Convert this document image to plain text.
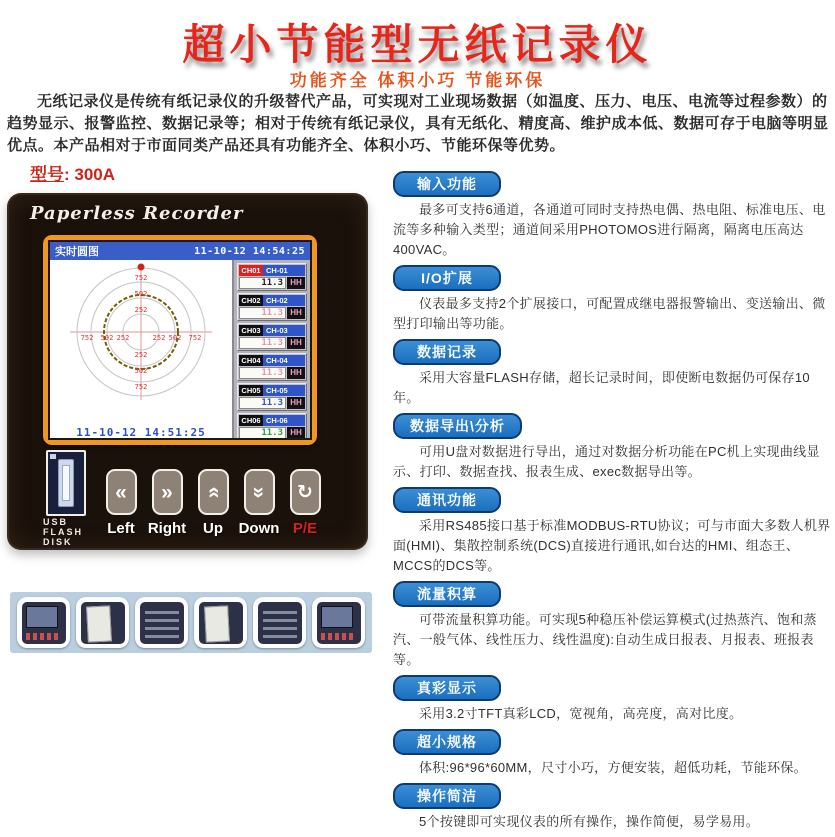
超小节能型无纸记录仪
功能齐全 体积小巧 节能环保

无纸记录仪是传统有纸记录仪的升级替代产品，可实现对工业现场数据（如温度、压力、电压、电流等过程参数）的趋势显示、报警监控、数据记录等；相对于传统有纸记录仪，具有无纸化、精度高、维护成本低、数据可存于电脑等明显优点。本产品相对于市面同类产品还具有功能齐全、体积小巧、节能环保等优势。

型号: 300A
Paperless Recorder
实时圆图	11-10-12 14:54:25
252
502
752
252
502
752
252
502
752	252 502 752
11-10-12 14:51:25
CH01 CH-01
11.3 HH
CH02 CH-02
11.3 HH
CH03 CH-03
11.3 HH
CH04 CH-04
11.3 HH
CH05 CH-05
11.3 HH
CH06 CH-06
11.3 HH
USB
FLASH
DISK
«
Left
»
Right
»
Up
»
Down
↻
P/E
输入功能

最多可支持6通道，各通道可同时支持热电偶、热电阻、标准电压、电流等多种输入类型；通道间采用PHOTOMOS进行隔离，隔离电压高达400VAC。

I/O扩展

仪表最多支持2个扩展接口，可配置成继电器报警输出、变送输出、微型打印输出等功能。

数据记录

采用大容量FLASH存储，超长记录时间，即使断电数据仍可保存10年。

数据导出\分析

可用U盘对数据进行导出，通过对数据分析功能在PC机上实现曲线显示、打印、数据查找、报表生成、exec数据导出等。

通讯功能

采用RS485接口基于标准MODBUS-RTU协议；可与市面大多数人机界面(HMI)、集散控制系统(DCS)直接进行通讯,如台达的HMI、组态王、MCCS的DCS等。

流量积算

可带流量积算功能。可实现5种稳压补偿运算模式(过热蒸汽、饱和蒸汽、一般气体、线性压力、线性温度):自动生成日报表、月报表、班报表等。

真彩显示

采用3.2寸TFT真彩LCD，宽视角，高亮度，高对比度。

超小规格

体积:96*96*60MM，尺寸小巧，方便安装，超低功耗，节能环保。

操作简洁

5个按键即可实现仪表的所有操作，操作简便，易学易用。
